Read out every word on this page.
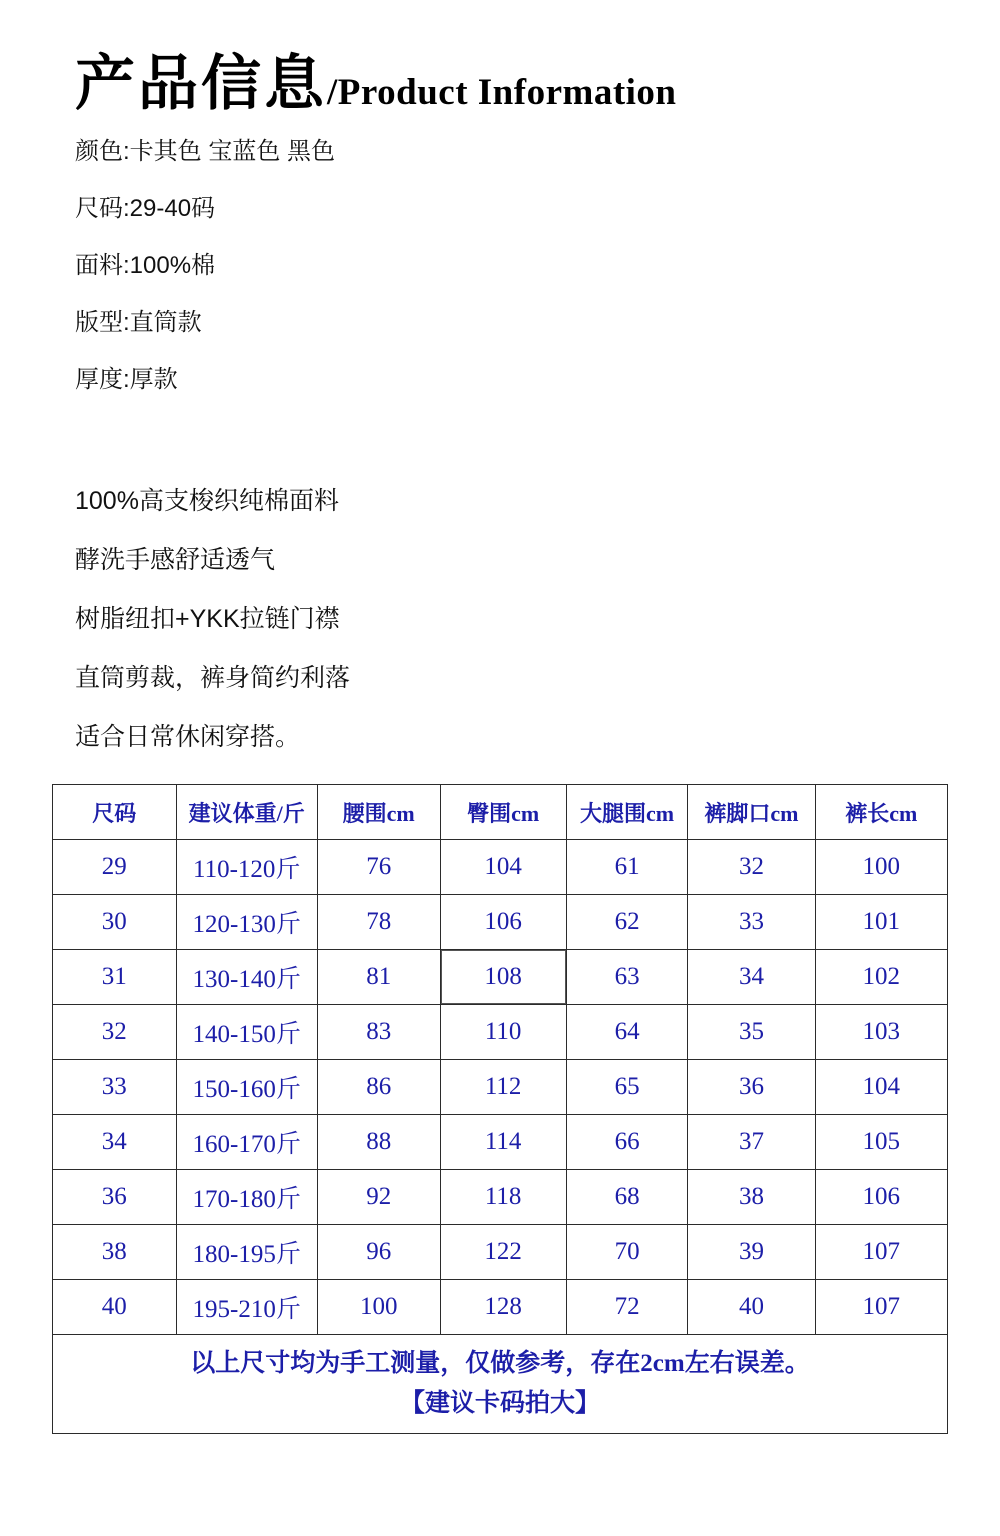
产品信息/Product Information

颜色:卡其色 宝蓝色 黑色

尺码:29-40码

面料:100%棉

版型:直筒款

厚度:厚款

100%高支梭织纯棉面料

酵洗手感舒适透气

树脂纽扣+YKK拉链门襟

直筒剪裁，裤身简约利落

适合日常休闲穿搭。

尺码	建议体重/斤	腰围cm	臀围cm	大腿围cm	裤脚口cm	裤长cm
29	110-120斤	76	104	61	32	100
30	120-130斤	78	106	62	33	101
31	130-140斤	81	108	63	34	102
32	140-150斤	83	110	64	35	103
33	150-160斤	86	112	65	36	104
34	160-170斤	88	114	66	37	105
36	170-180斤	92	118	68	38	106
38	180-195斤	96	122	70	39	107
40	195-210斤	100	128	72	40	107

以上尺寸均为手工测量，仅做参考，存在2cm左右误差。
【建议卡码拍大】						
